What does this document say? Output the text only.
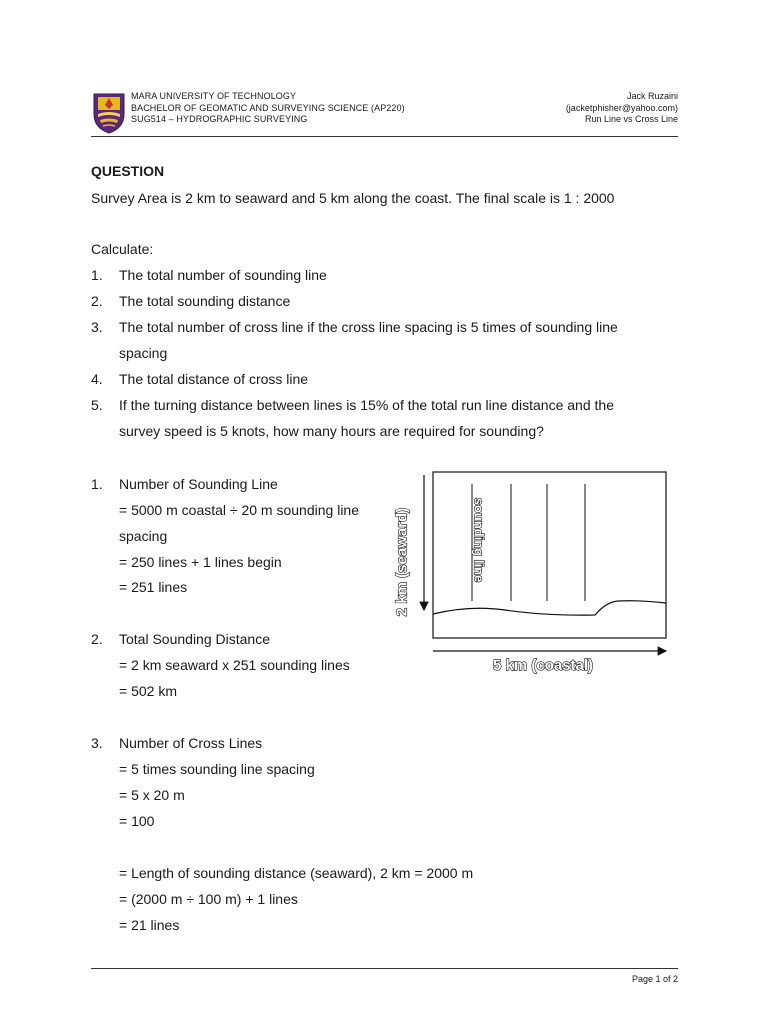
MARA UNIVERSITY OF TECHNOLOGY
BACHELOR OF GEOMATIC AND SURVEYING SCIENCE (AP220)
SUG514 – HYDROGRAPHIC SURVEYING
Jack Ruzaini
(jacketphisher@yahoo.com)
Run Line vs Cross Line
QUESTION
Survey Area is 2 km to seaward and 5 km along the coast. The final scale is 1 : 2000
Calculate:
1. The total number of sounding line
2. The total sounding distance
3. The total number of cross line if the cross line spacing is 5 times of sounding line
spacing
4. The total distance of cross line
5. If the turning distance between lines is 15% of the total run line distance and the
survey speed is 5 knots, how many hours are required for sounding?
1. Number of Sounding Line
= 5000 m coastal ÷ 20 m sounding line
spacing
= 250 lines + 1 lines begin
= 251 lines
2. Total Sounding Distance
= 2 km seaward x 251 sounding lines
= 502 km
3. Number of Cross Lines
= 5 times sounding line spacing
= 5 x 20 m
= 100
= Length of sounding distance (seaward), 2 km = 2000 m
= (2000 m ÷ 100 m) + 1 lines
= 21 lines
2 km (seaward)	sounding line
5 km (coastal)
Page 1 of 2
